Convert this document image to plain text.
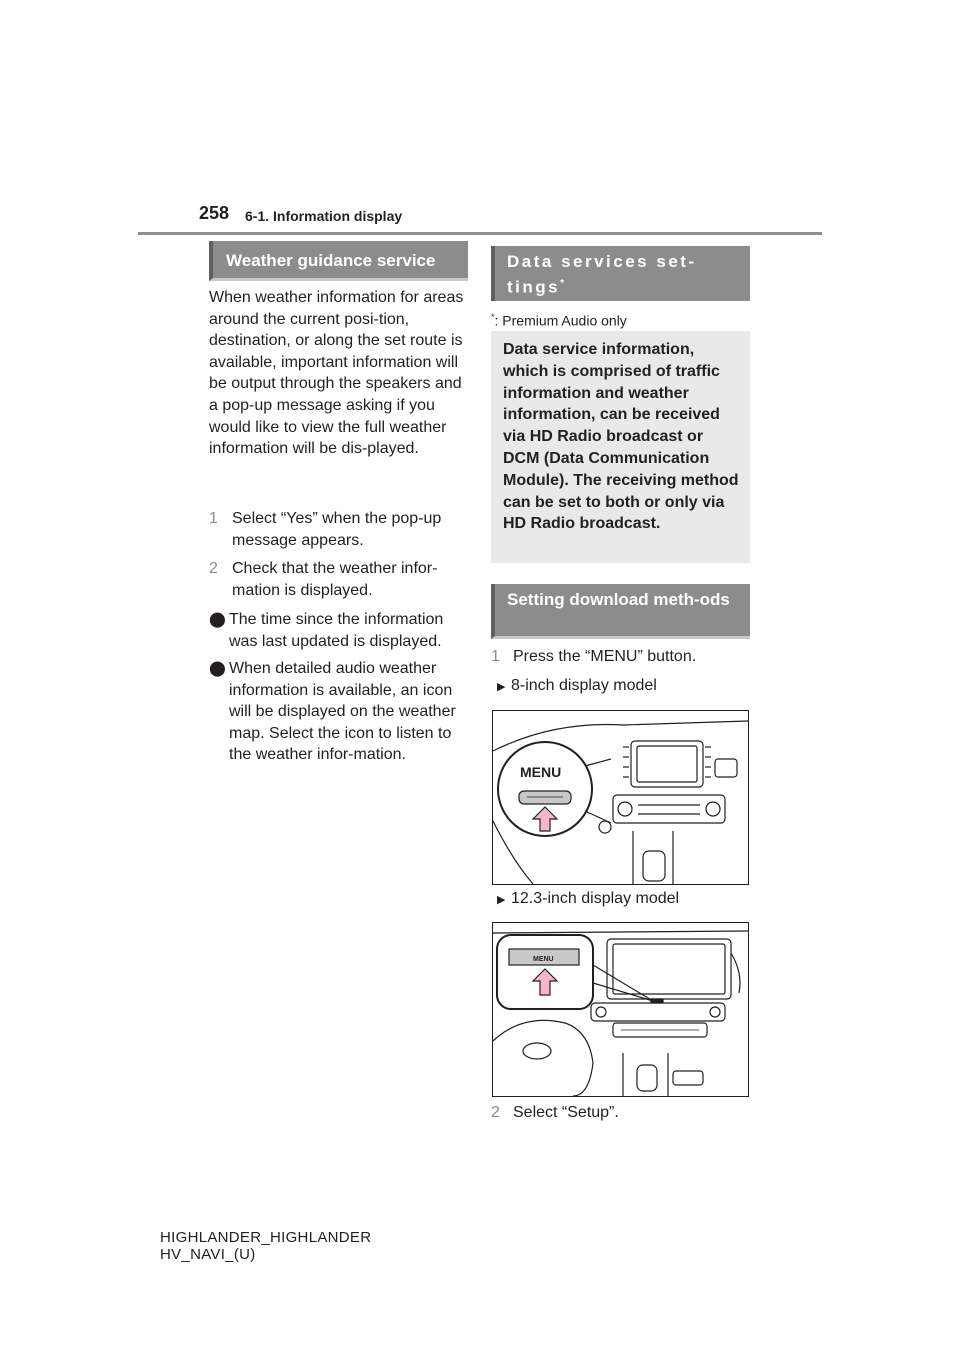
258 6-1. Information display
Weather guidance service
When weather information for areas around the current posi-tion, destination, or along the set route is available, important information will be output through the speakers and a pop-up message asking if you would like to view the full weather information will be dis-played.
1 Select “Yes” when the pop-up message appears.
2 Check that the weather infor-mation is displayed.
⬤ The time since the information was last updated is displayed.
⬤ When detailed audio weather information is available, an icon will be displayed on the weather map. Select the icon to listen to the weather infor-mation.
Data services set-tings*
*: Premium Audio only
Data service information, which is comprised of traffic information and weather information, can be received via HD Radio broadcast or DCM (Data Communication Module). The receiving method can be set to both or only via HD Radio broadcast.
Setting download meth-ods
1 Press the “MENU” button.
▶ 8-inch display model
MENU
▶ 12.3-inch display model
MENU
2 Select “Setup”.
HIGHLANDER_HIGHLANDER
HV_NAVI_(U)
